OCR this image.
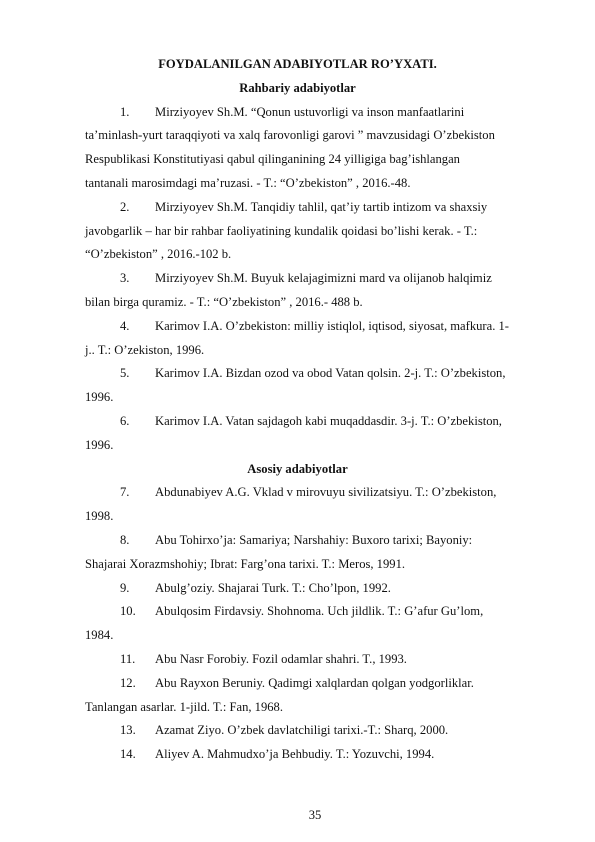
FOYDALANILGAN ADABIYOTLAR RO’YXATI.
Rahbariy adabiyotlar
1. Mirziyoyev Sh.M. “Qonun ustuvorligi va inson manfaatlarini
ta’minlash-yurt taraqqiyoti va xalq farovonligi garovi ” mavzusidagi O’zbekiston
Respublikasi Konstitutiyasi qabul qilinganining 24 yilligiga bag’ishlangan
tantanali marosimdagi ma’ruzasi. - T.: “O’zbekiston” , 2016.-48.
2. Mirziyoyev Sh.M. Tanqidiy tahlil, qat’iy tartib intizom va shaxsiy
javobgarlik – har bir rahbar faoliyatining kundalik qoidasi bo’lishi kerak. - T.:
“O’zbekiston” , 2016.-102 b.
3. Mirziyoyev Sh.M. Buyuk kelajagimizni mard va olijanob halqimiz
bilan birga quramiz. - T.: “O’zbekiston” , 2016.- 488 b.
4. Karimov I.A. O’zbekiston: milliy istiqlol, iqtisod, siyosat, mafkura. 1-
j.. T.: O’zekiston, 1996.
5. Karimov I.A. Bizdan ozod va obod Vatan qolsin. 2-j. T.: O’zbekiston,
1996.
6. Karimov I.A. Vatan sajdagoh kabi muqaddasdir. 3-j. T.: O’zbekiston,
1996.
Asosiy adabiyotlar
7. Abdunabiyev A.G. Vklad v mirovuyu sivilizatsiyu. T.: O’zbekiston,
1998.
8. Abu Tohirxo’ja: Samariya; Narshahiy: Buxoro tarixi; Bayoniy:
Shajarai Xorazmshohiy; Ibrat: Farg’ona tarixi. T.: Meros, 1991.
9. Abulg’oziy. Shajarai Turk. T.: Cho’lpon, 1992.
10. Abulqosim Firdavsiy. Shohnoma. Uch jildlik. T.: G’afur Gu’lom,
1984.
11. Abu Nasr Forobiy. Fozil odamlar shahri. T., 1993.
12. Abu Rayxon Beruniy. Qadimgi xalqlardan qolgan yodgorliklar.
Tanlangan asarlar. 1-jild. T.: Fan, 1968.
13. Azamat Ziyo. O’zbek davlatchiligi tarixi.-T.: Sharq, 2000.
14. Aliyev A. Mahmudxo’ja Behbudiy. T.: Yozuvchi, 1994.
35
